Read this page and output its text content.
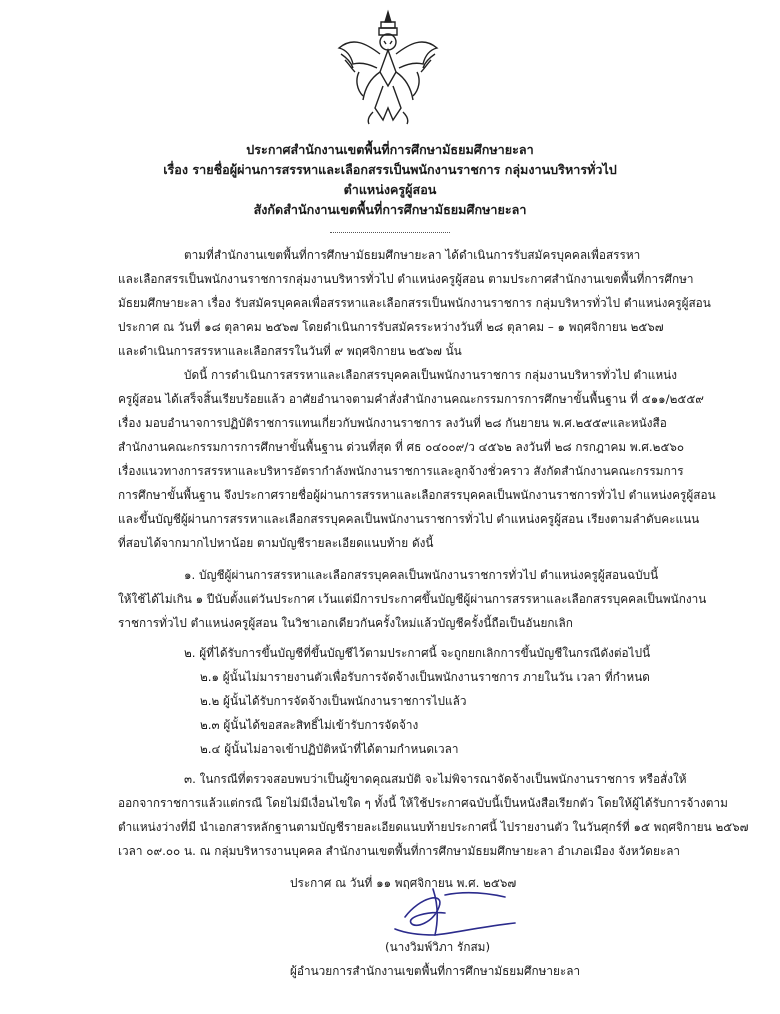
ประกาศสำนักงานเขตพื้นที่การศึกษามัธยมศึกษายะลา
เรื่อง รายชื่อผู้ผ่านการสรรหาและเลือกสรรเป็นพนักงานราชการ กลุ่มงานบริหารทั่วไป
ตำแหน่งครูผู้สอน
สังกัดสำนักงานเขตพื้นที่การศึกษามัธยมศึกษายะลา
ตามที่สำนักงานเขตพื้นที่การศึกษามัธยมศึกษายะลา ได้ดำเนินการรับสมัครบุคคลเพื่อสรรหา
และเลือกสรรเป็นพนักงานราชการกลุ่มงานบริหารทั่วไป ตำแหน่งครูผู้สอน ตามประกาศสำนักงานเขตพื้นที่การศึกษา
มัธยมศึกษายะลา เรื่อง รับสมัครบุคคลเพื่อสรรหาและเลือกสรรเป็นพนักงานราชการ กลุ่มบริหารทั่วไป ตำแหน่งครูผู้สอน
ประกาศ ณ วันที่ ๑๘ ตุลาคม ๒๕๖๗ โดยดำเนินการรับสมัครระหว่างวันที่ ๒๘ ตุลาคม – ๑ พฤศจิกายน ๒๕๖๗
และดำเนินการสรรหาและเลือกสรรในวันที่ ๙ พฤศจิกายน ๒๕๖๗ นั้น
บัดนี้ การดำเนินการสรรหาและเลือกสรรบุคคลเป็นพนักงานราชการ กลุ่มงานบริหารทั่วไป ตำแหน่ง
ครูผู้สอน ได้เสร็จสิ้นเรียบร้อยแล้ว อาศัยอำนาจตามคำสั่งสำนักงานคณะกรรมการการศึกษาขั้นพื้นฐาน ที่ ๕๑๑/๒๕๕๙
เรื่อง มอบอำนาจการปฏิบัติราชการแทนเกี่ยวกับพนักงานราชการ ลงวันที่ ๒๘ กันยายน พ.ศ.๒๕๕๙และหนังสือ
สำนักงานคณะกรรมการการศึกษาขั้นพื้นฐาน ด่วนที่สุด ที่ ศธ ๐๔๐๐๙/ว ๔๕๖๒ ลงวันที่ ๒๘ กรกฎาคม พ.ศ.๒๕๖๐
เรื่องแนวทางการสรรหาและบริหารอัตรากำลังพนักงานราชการและลูกจ้างชั่วคราว สังกัดสำนักงานคณะกรรมการ
การศึกษาขั้นพื้นฐาน จึงประกาศรายชื่อผู้ผ่านการสรรหาและเลือกสรรบุคคลเป็นพนักงานราชการทั่วไป ตำแหน่งครูผู้สอน
และขึ้นบัญชีผู้ผ่านการสรรหาและเลือกสรรบุคคลเป็นพนักงานราชการทั่วไป ตำแหน่งครูผู้สอน เรียงตามลำดับคะแนน
ที่สอบได้จากมากไปหาน้อย ตามบัญชีรายละเอียดแนบท้าย ดังนี้
๑. บัญชีผู้ผ่านการสรรหาและเลือกสรรบุคคลเป็นพนักงานราชการทั่วไป ตำแหน่งครูผู้สอนฉบับนี้
ให้ใช้ได้ไม่เกิน ๑ ปีนับตั้งแต่วันประกาศ เว้นแต่มีการประกาศขึ้นบัญชีผู้ผ่านการสรรหาและเลือกสรรบุคคลเป็นพนักงาน
ราชการทั่วไป ตำแหน่งครูผู้สอน ในวิชาเอกเดียวกันครั้งใหม่แล้วบัญชีครั้งนี้ถือเป็นอันยกเลิก
๒. ผู้ที่ได้รับการขึ้นบัญชีที่ขึ้นบัญชีไว้ตามประกาศนี้ จะถูกยกเลิกการขึ้นบัญชีในกรณีดังต่อไปนี้
๒.๑ ผู้นั้นไม่มารายงานตัวเพื่อรับการจัดจ้างเป็นพนักงานราชการ ภายในวัน เวลา ที่กำหนด
๒.๒ ผู้นั้นได้รับการจัดจ้างเป็นพนักงานราชการไปแล้ว
๒.๓ ผู้นั้นได้ขอสละสิทธิ์ไม่เข้ารับการจัดจ้าง
๒.๔ ผู้นั้นไม่อาจเข้าปฏิบัติหน้าที่ได้ตามกำหนดเวลา
๓. ในกรณีที่ตรวจสอบพบว่าเป็นผู้ขาดคุณสมบัติ จะไม่พิจารณาจัดจ้างเป็นพนักงานราชการ หรือสั่งให้
ออกจากราชการแล้วแต่กรณี โดยไม่มีเงื่อนไขใด ๆ ทั้งนี้ ให้ใช้ประกาศฉบับนี้เป็นหนังสือเรียกตัว โดยให้ผู้ได้รับการจ้างตาม
ตำแหน่งว่างที่มี นำเอกสารหลักฐานตามบัญชีรายละเอียดแนบท้ายประกาศนี้ ไปรายงานตัว ในวันศุกร์ที่ ๑๕ พฤศจิกายน ๒๕๖๗
เวลา ๐๙.๐๐ น. ณ กลุ่มบริหารงานบุคคล สำนักงานเขตพื้นที่การศึกษามัธยมศึกษายะลา อำเภอเมือง จังหวัดยะลา
ประกาศ ณ วันที่ ๑๑ พฤศจิกายน พ.ศ. ๒๕๖๗
(นางวิมพ์วิภา รักสม)
ผู้อำนวยการสำนักงานเขตพื้นที่การศึกษามัธยมศึกษายะลา
